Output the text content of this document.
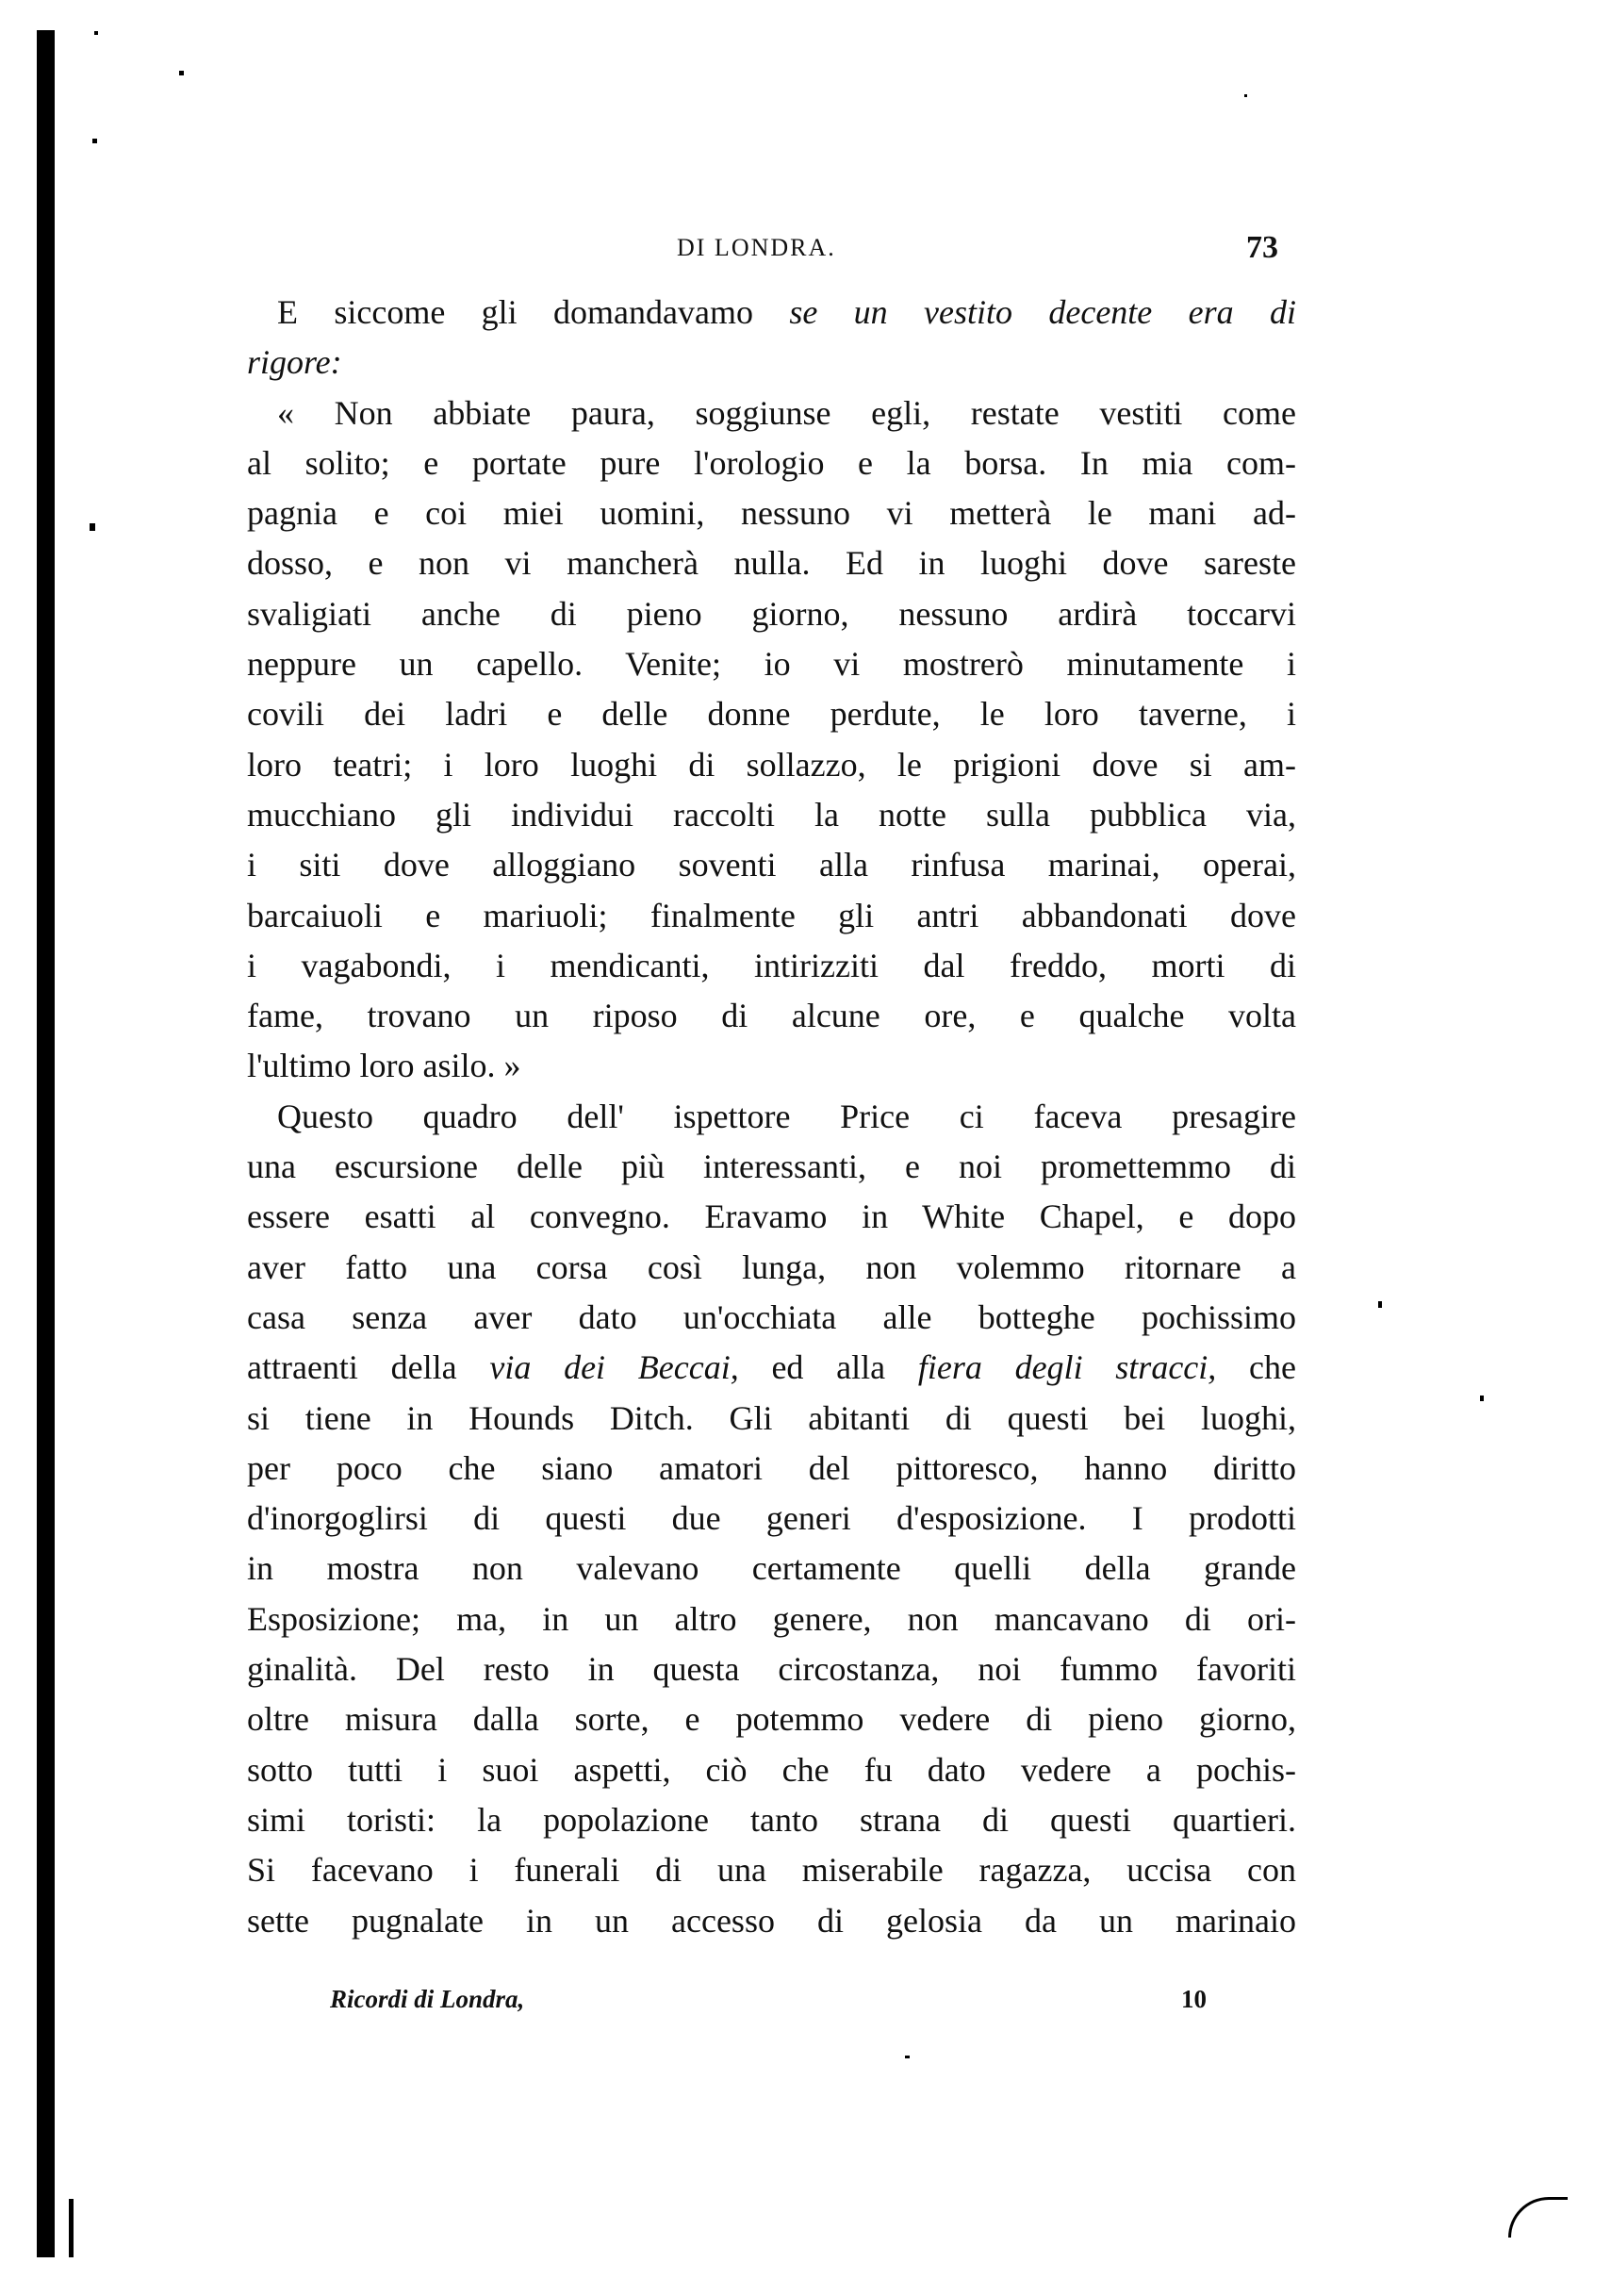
DI LONDRA.	73
E siccome gli domandavamo se un vestito decente era di
rigore:
« Non abbiate paura, soggiunse egli, restate vestiti come
al solito; e portate pure l'orologio e la borsa. In mia com-
pagnia e coi miei uomini, nessuno vi metterà le mani ad-
dosso, e non vi mancherà nulla. Ed in luoghi dove sareste
svaligiati anche di pieno giorno, nessuno ardirà toccarvi
neppure un capello. Venite; io vi mostrerò minutamente i
covili dei ladri e delle donne perdute, le loro taverne, i
loro teatri; i loro luoghi di sollazzo, le prigioni dove si am-
mucchiano gli individui raccolti la notte sulla pubblica via,
i siti dove alloggiano soventi alla rinfusa marinai, operai,
barcaiuoli e mariuoli; finalmente gli antri abbandonati dove
i vagabondi, i mendicanti, intirizziti dal freddo, morti di
fame, trovano un riposo di alcune ore, e qualche volta
l'ultimo loro asilo. »
Questo quadro dell' ispettore Price ci faceva presagire
una escursione delle più interessanti, e noi promettemmo di
essere esatti al convegno. Eravamo in White Chapel, e dopo
aver fatto una corsa così lunga, non volemmo ritornare a
casa senza aver dato un'occhiata alle botteghe pochissimo
attraenti della via dei Beccai, ed alla fiera degli stracci, che
si tiene in Hounds Ditch. Gli abitanti di questi bei luoghi,
per poco che siano amatori del pittoresco, hanno diritto
d'inorgoglirsi di questi due generi d'esposizione. I prodotti
in mostra non valevano certamente quelli della grande
Esposizione; ma, in un altro genere, non mancavano di ori-
ginalità. Del resto in questa circostanza, noi fummo favoriti
oltre misura dalla sorte, e potemmo vedere di pieno giorno,
sotto tutti i suoi aspetti, ciò che fu dato vedere a pochis-
simi toristi: la popolazione tanto strana di questi quartieri.
Si facevano i funerali di una miserabile ragazza, uccisa con
sette pugnalate in un accesso di gelosia da un marinaio
Ricordi di Londra,	10
